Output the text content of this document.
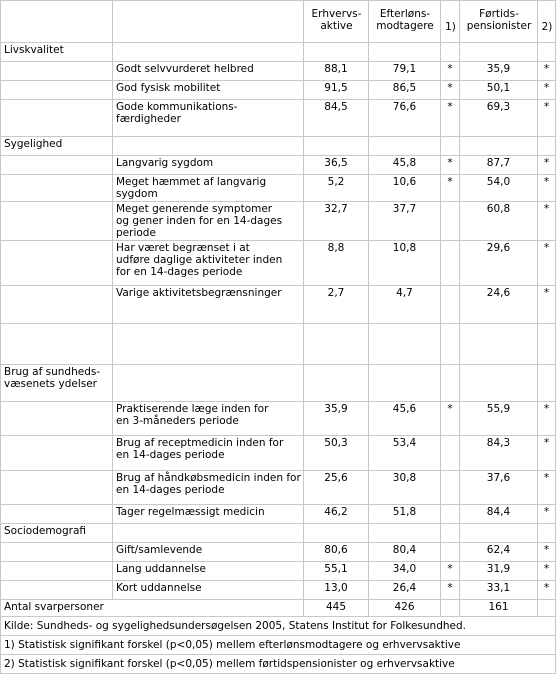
		Erhvervs-
aktive	Efterløns-
modtagere	1)	Førtids-
pensionister	2)
Livskvalitet						
	Godt selvvurderet helbred	88,1	79,1	*	35,9	*
	God fysisk mobilitet	91,5	86,5	*	50,1	*
	Gode kommunikations-
færdigheder	84,5	76,6	*	69,3	*
Sygelighed						
	Langvarig sygdom	36,5	45,8	*	87,7	*
	Meget hæmmet af langvarig
sygdom	5,2	10,6	*	54,0	*
	Meget generende symptomer
og gener inden for en 14-dages
periode	32,7	37,7		60,8	*
	Har været begrænset i at
udføre daglige aktiviteter inden
for en 14-dages periode	8,8	10,8		29,6	*
	Varige aktivitetsbegrænsninger	2,7	4,7		24,6	*

Brug af sundheds-
væsenets ydelser						
	Praktiserende læge inden for
en 3-måneders periode	35,9	45,6	*	55,9	*
	Brug af receptmedicin inden for
en 14-dages periode	50,3	53,4		84,3	*
	Brug af håndkøbsmedicin inden for
en 14-dages periode	25,6	30,8		37,6	*
	Tager regelmæssigt medicin	46,2	51,8		84,4	*
Sociodemografi						
	Gift/samlevende	80,6	80,4		62,4	*
	Lang uddannelse	55,1	34,0	*	31,9	*
	Kort uddannelse	13,0	26,4	*	33,1	*
Antal svarpersoner		445	426		161	
Kilde: Sundheds- og sygelighedsundersøgelsen 2005, Statens Institut for Folkesundhed.						
1) Statistisk signifikant forskel (p<0,05) mellem efterlønsmodtagere og erhvervsaktive						
2) Statistisk signifikant forskel (p<0,05) mellem førtidspensionister og erhvervsaktive						
